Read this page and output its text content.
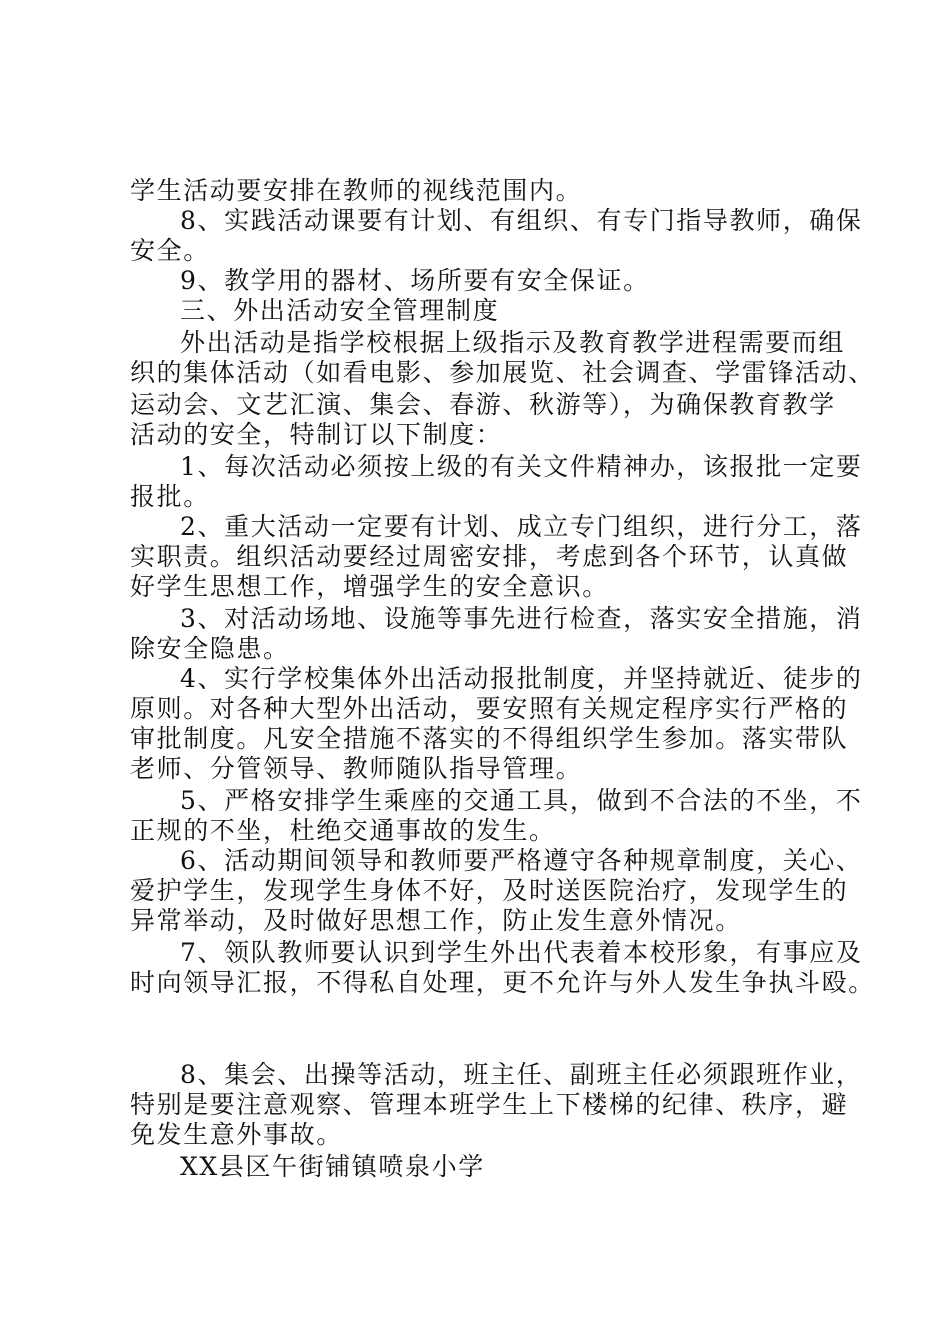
学生活动要安排在教师的视线范围内。

8、实践活动课要有计划、有组织、有专门指导教师，确保

安全。

9、教学用的器材、场所要有安全保证。

三、外出活动安全管理制度

外出活动是指学校根据上级指示及教育教学进程需要而组

织的集体活动（如看电影、参加展览、社会调查、学雷锋活动、

运动会、文艺汇演、集会、春游、秋游等），为确保教育教学

活动的安全，特制订以下制度：

1、每次活动必须按上级的有关文件精神办，该报批一定要

报批。

2、重大活动一定要有计划、成立专门组织，进行分工，落

实职责。组织活动要经过周密安排，考虑到各个环节，认真做

好学生思想工作，增强学生的安全意识。

3、对活动场地、设施等事先进行检查，落实安全措施，消

除安全隐患。

4、实行学校集体外出活动报批制度，并坚持就近、徒步的

原则。对各种大型外出活动，要安照有关规定程序实行严格的

审批制度。凡安全措施不落实的不得组织学生参加。落实带队

老师、分管领导、教师随队指导管理。

5、严格安排学生乘座的交通工具，做到不合法的不坐，不

正规的不坐，杜绝交通事故的发生。

6、活动期间领导和教师要严格遵守各种规章制度，关心、

爱护学生，发现学生身体不好，及时送医院治疗，发现学生的

异常举动，及时做好思想工作，防止发生意外情况。

7、领队教师要认识到学生外出代表着本校形象，有事应及

时向领导汇报，不得私自处理，更不允许与外人发生争执斗殴。

8、集会、出操等活动，班主任、副班主任必须跟班作业，

特别是要注意观察、管理本班学生上下楼梯的纪律、秩序，避

免发生意外事故。

XX县区午街铺镇喷泉小学
